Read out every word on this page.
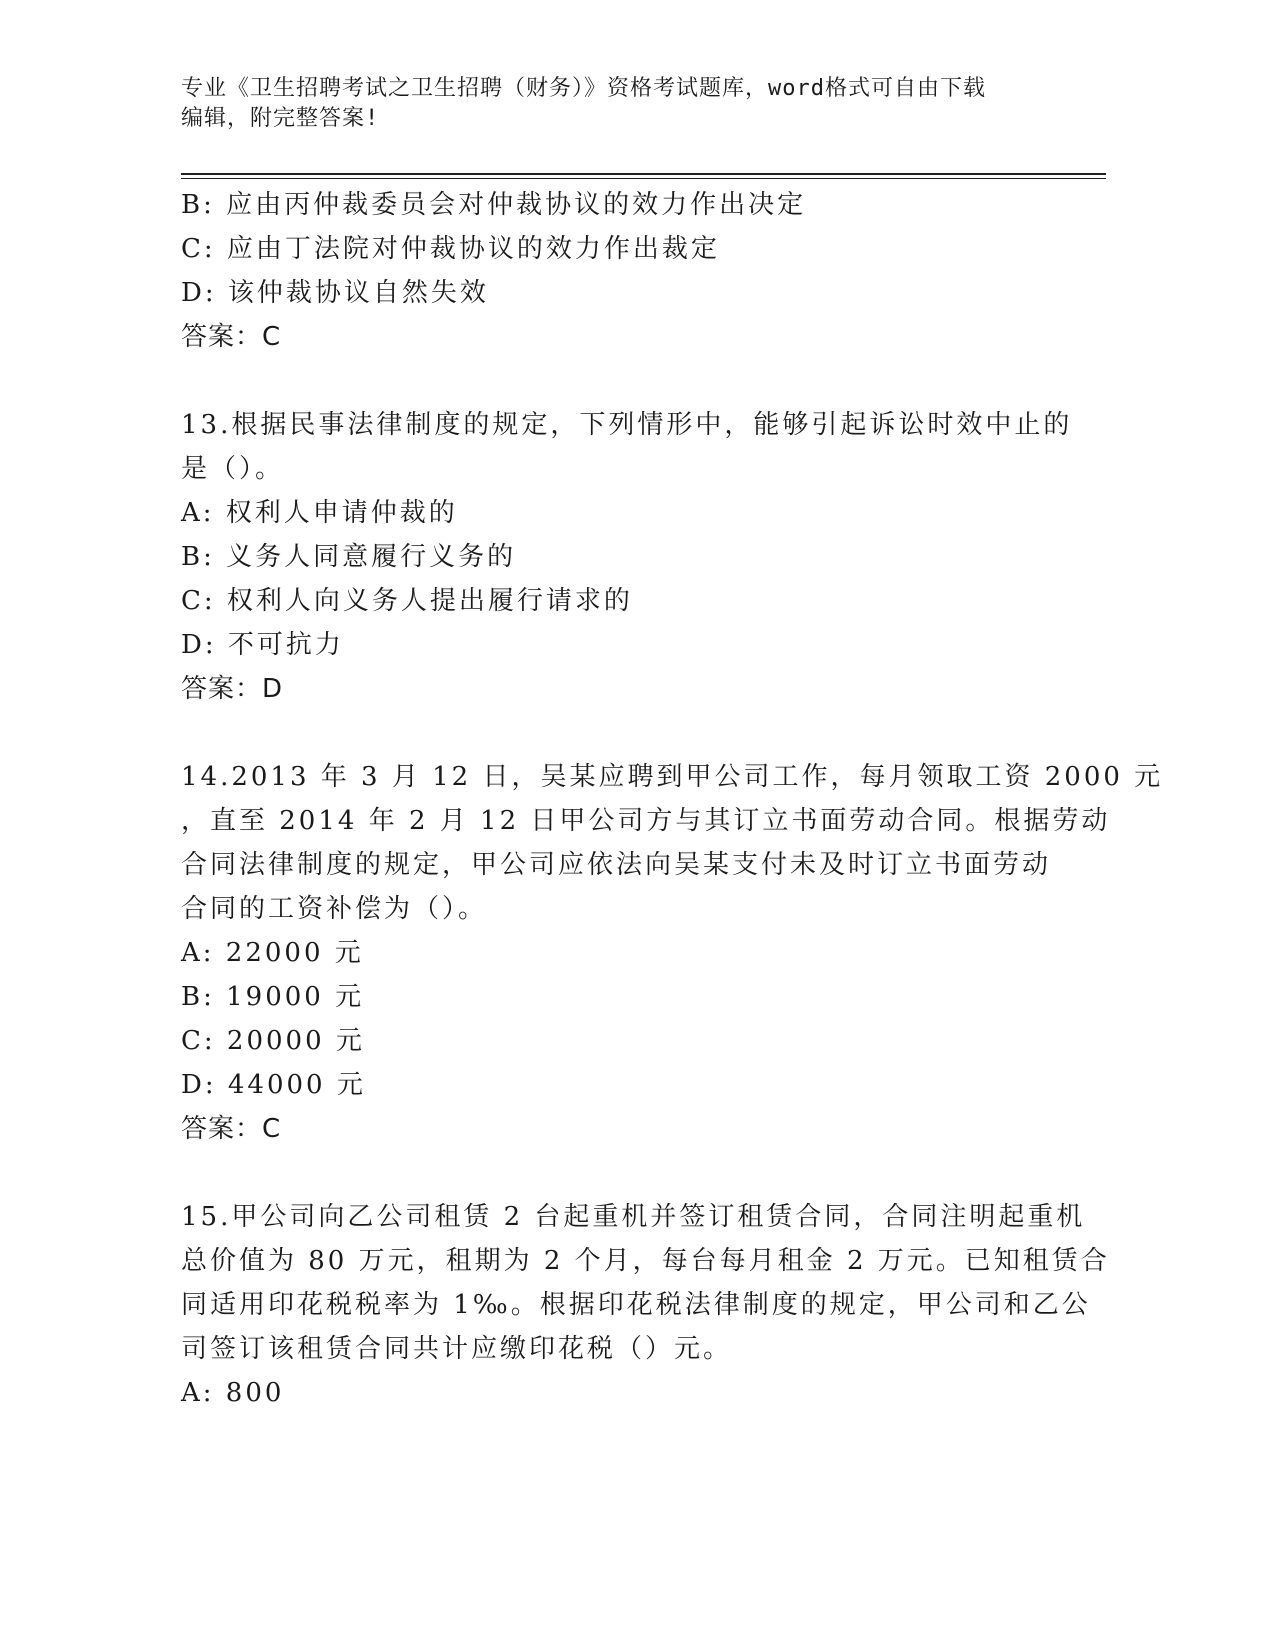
专业《卫生招聘考试之卫生招聘（财务）》资格考试题库，word格式可自由下载
编辑，附完整答案!
B: 应由丙仲裁委员会对仲裁协议的效力作出决定
C: 应由丁法院对仲裁协议的效力作出裁定
D: 该仲裁协议自然失效
答案：C
13.根据民事法律制度的规定，下列情形中，能够引起诉讼时效中止的
是（）。
A: 权利人申请仲裁的
B: 义务人同意履行义务的
C: 权利人向义务人提出履行请求的
D: 不可抗力
答案：D
14.2013 年 3 月 12 日，吴某应聘到甲公司工作，每月领取工资 2000 元
，直至 2014 年 2 月 12 日甲公司方与其订立书面劳动合同。根据劳动
合同法律制度的规定，甲公司应依法向吴某支付未及时订立书面劳动
合同的工资补偿为（）。
A: 22000 元
B: 19000 元
C: 20000 元
D: 44000 元
答案：C
15.甲公司向乙公司租赁 2 台起重机并签订租赁合同，合同注明起重机
总价值为 80 万元，租期为 2 个月，每台每月租金 2 万元。已知租赁合
同适用印花税税率为 1‰。根据印花税法律制度的规定，甲公司和乙公
司签订该租赁合同共计应缴印花税（）元。
A: 800
